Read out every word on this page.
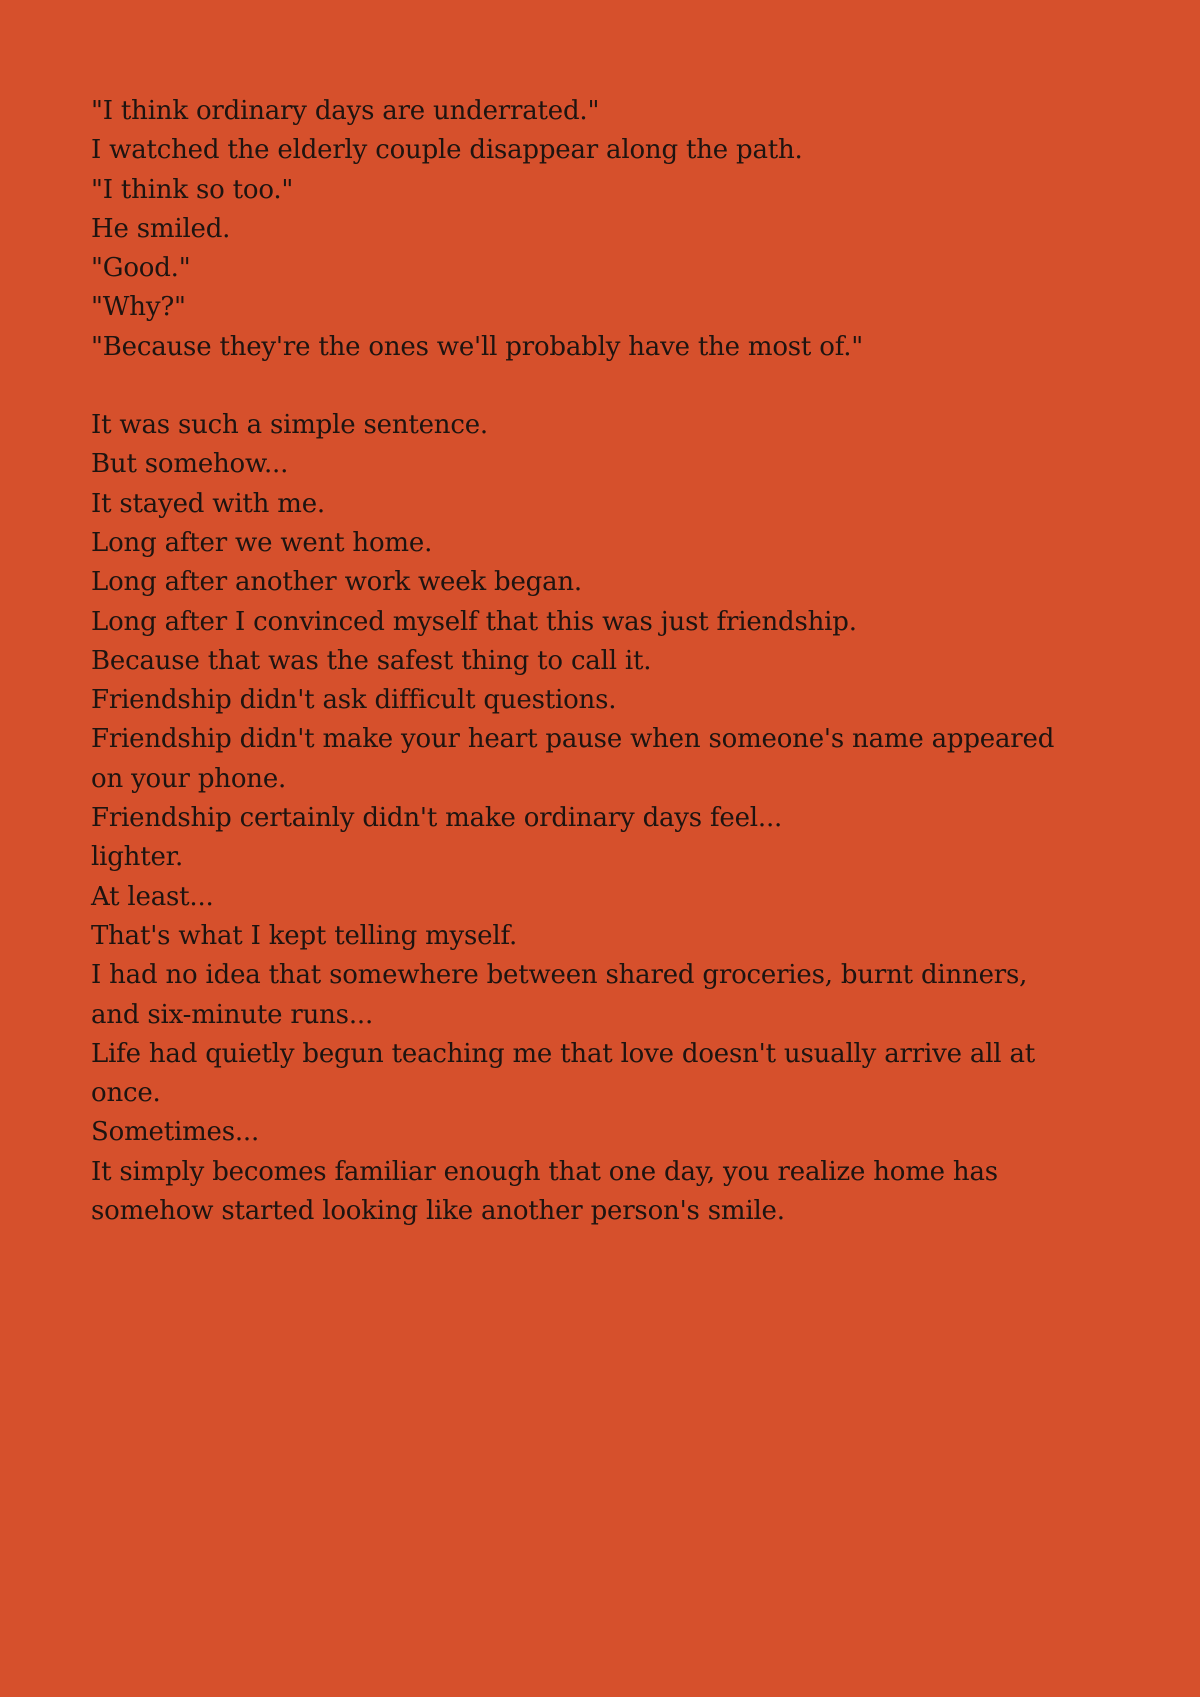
"I think ordinary days are underrated."
I watched the elderly couple disappear along the path.
"I think so too."
He smiled.
"Good."
"Why?"
"Because they're the ones we'll probably have the most of."

It was such a simple sentence.
But somehow...
It stayed with me.
Long after we went home.
Long after another work week began.
Long after I convinced myself that this was just friendship.
Because that was the safest thing to call it.
Friendship didn't ask difficult questions.
Friendship didn't make your heart pause when someone's name appeared
on your phone.
Friendship certainly didn't make ordinary days feel...
lighter.
At least...
That's what I kept telling myself.
I had no idea that somewhere between shared groceries, burnt dinners,
and six-minute runs...
Life had quietly begun teaching me that love doesn't usually arrive all at
once.
Sometimes...
It simply becomes familiar enough that one day, you realize home has
somehow started looking like another person's smile.
